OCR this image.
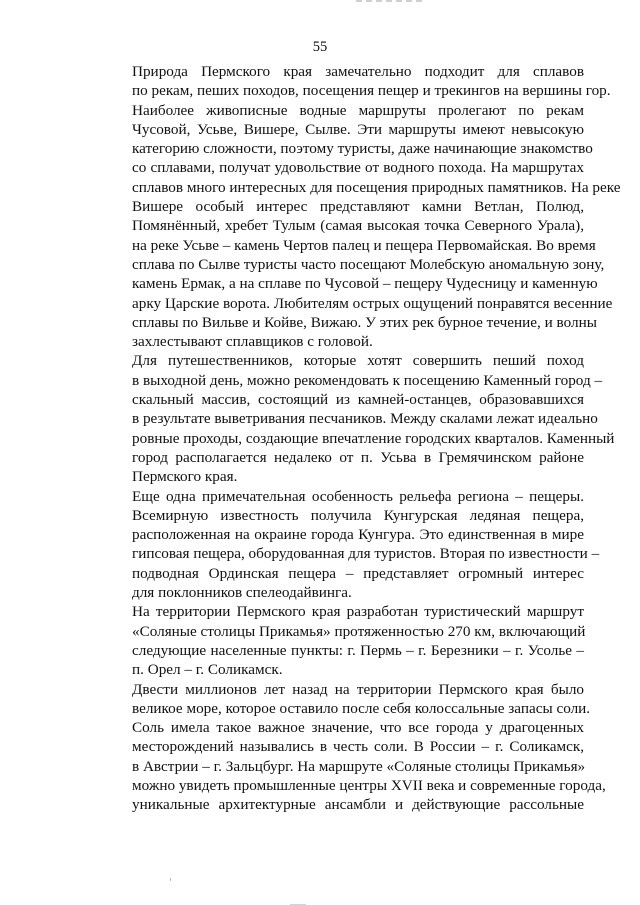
55
Природа Пермского края замечательно подходит для сплавов
по рекам, пеших походов, посещения пещер и трекингов на вершины гор.
Наиболее живописные водные маршруты пролегают по рекам
Чусовой, Усьве, Вишере, Сылве. Эти маршруты имеют невысокую
категорию сложности, поэтому туристы, даже начинающие знакомство
со сплавами, получат удовольствие от водного похода. На маршрутах
сплавов много интересных для посещения природных памятников. На реке
Вишере особый интерес представляют камни Ветлан, Полюд,
Помянённый, хребет Тулым (самая высокая точка Северного Урала),
на реке Усьве – камень Чертов палец и пещера Первомайская. Во время
сплава по Сылве туристы часто посещают Молебскую аномальную зону,
камень Ермак, а на сплаве по Чусовой – пещеру Чудесницу и каменную
арку Царские ворота. Любителям острых ощущений понравятся весенние
сплавы по Вильве и Койве, Вижаю. У этих рек бурное течение, и волны
захлестывают сплавщиков с головой.
Для путешественников, которые хотят совершить пеший поход
в выходной день, можно рекомендовать к посещению Каменный город –
скальный массив, состоящий из камней-останцев, образовавшихся
в результате выветривания песчаников. Между скалами лежат идеально
ровные проходы, создающие впечатление городских кварталов. Каменный
город располагается недалеко от п. Усьва в Гремячинском районе
Пермского края.
Еще одна примечательная особенность рельефа региона – пещеры.
Всемирную известность получила Кунгурская ледяная пещера,
расположенная на окраине города Кунгура. Это единственная в мире
гипсовая пещера, оборудованная для туристов. Вторая по известности –
подводная Ординская пещера – представляет огромный интерес
для поклонников спелеодайвинга.
На территории Пермского края разработан туристический маршрут
«Соляные столицы Прикамья» протяженностью 270 км, включающий
следующие населенные пункты: г. Пермь – г. Березники – г. Усолье –
п. Орел – г. Соликамск.
Двести миллионов лет назад на территории Пермского края было
великое море, которое оставило после себя колоссальные запасы соли.
Соль имела такое важное значение, что все города у драгоценных
месторождений назывались в честь соли. В России – г. Соликамск,
в Австрии – г. Зальцбург. На маршруте «Соляные столицы Прикамья»
можно увидеть промышленные центры XVII века и современные города,
уникальные архитектурные ансамбли и действующие рассольные
